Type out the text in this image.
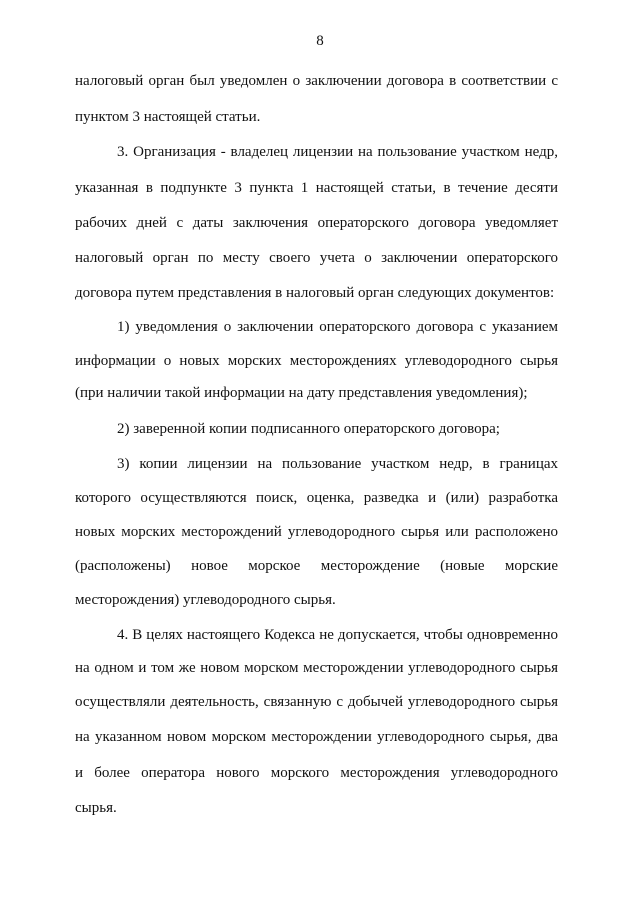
8
налоговый орган был уведомлен о заключении договора в соответствии с
пунктом 3 настоящей статьи.
3. Организация - владелец лицензии на пользование участком недр,
указанная в подпункте 3 пункта 1 настоящей статьи, в течение десяти
рабочих дней с даты заключения операторского договора уведомляет
налоговый орган по месту своего учета о заключении операторского
договора путем представления в налоговый орган следующих документов:
1) уведомления о заключении операторского договора с указанием
информации о новых морских месторождениях углеводородного сырья
(при наличии такой информации на дату представления уведомления);
2) заверенной копии подписанного операторского договора;
3) копии лицензии на пользование участком недр, в границах
которого осуществляются поиск, оценка, разведка и (или) разработка
новых морских месторождений углеводородного сырья или расположено
(расположены) новое морское месторождение (новые морские
месторождения) углеводородного сырья.
4. В целях настоящего Кодекса не допускается, чтобы одновременно
на одном и том же новом морском месторождении углеводородного сырья
осуществляли деятельность, связанную с добычей углеводородного сырья
на указанном новом морском месторождении углеводородного сырья, два
и более оператора нового морского месторождения углеводородного
сырья.
